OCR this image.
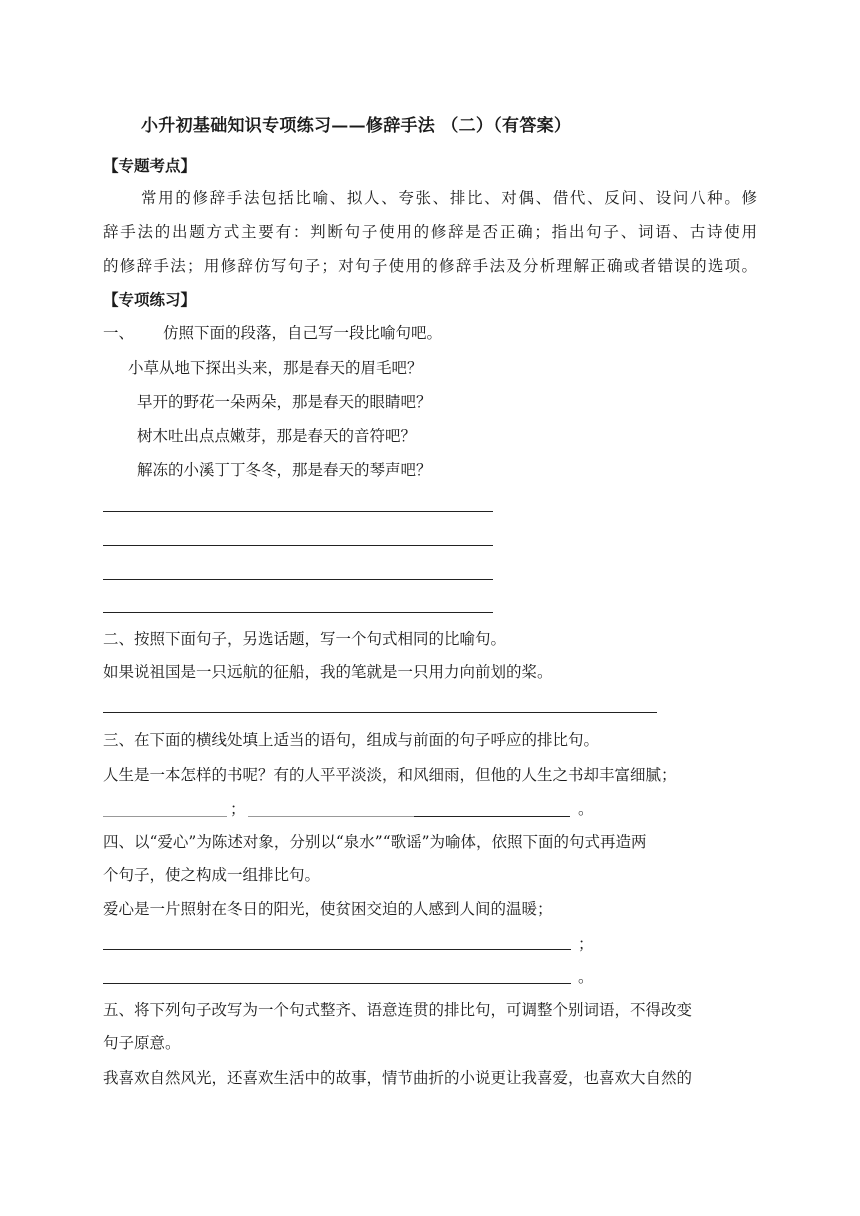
小升初基础知识专项练习——修辞手法 （二）（有答案）
【专题考点】
常用的修辞手法包括比喻、拟人、夸张、排比、对偶、借代、反问、设问八种。修
辞手法的出题方式主要有：判断句子使用的修辞是否正确；指出句子、词语、古诗使用
的修辞手法；用修辞仿写句子；对句子使用的修辞手法及分析理解正确或者错误的选项。
【专项练习】
一、 仿照下面的段落，自己写一段比喻句吧。
小草从地下探出头来，那是春天的眉毛吧？
早开的野花一朵两朵，那是春天的眼睛吧？
树木吐出点点嫩芽，那是春天的音符吧？
解冻的小溪丁丁冬冬，那是春天的琴声吧？
二、按照下面句子，另选话题，写一个句式相同的比喻句。
如果说祖国是一只远航的征船，我的笔就是一只用力向前划的桨。
三、在下面的横线处填上适当的语句，组成与前面的句子呼应的排比句。
人生是一本怎样的书呢？有的人平平淡淡，和风细雨，但他的人生之书却丰富细腻；
；	。
四、以“爱心”为陈述对象，分别以“泉水”“歌谣”为喻体，依照下面的句式再造两
个句子，使之构成一组排比句。
爱心是一片照射在冬日的阳光，使贫困交迫的人感到人间的温暖；
；
。
五、将下列句子改写为一个句式整齐、语意连贯的排比句，可调整个别词语，不得改变
句子原意。
我喜欢自然风光，还喜欢生活中的故事，情节曲折的小说更让我喜爱，也喜欢大自然的
